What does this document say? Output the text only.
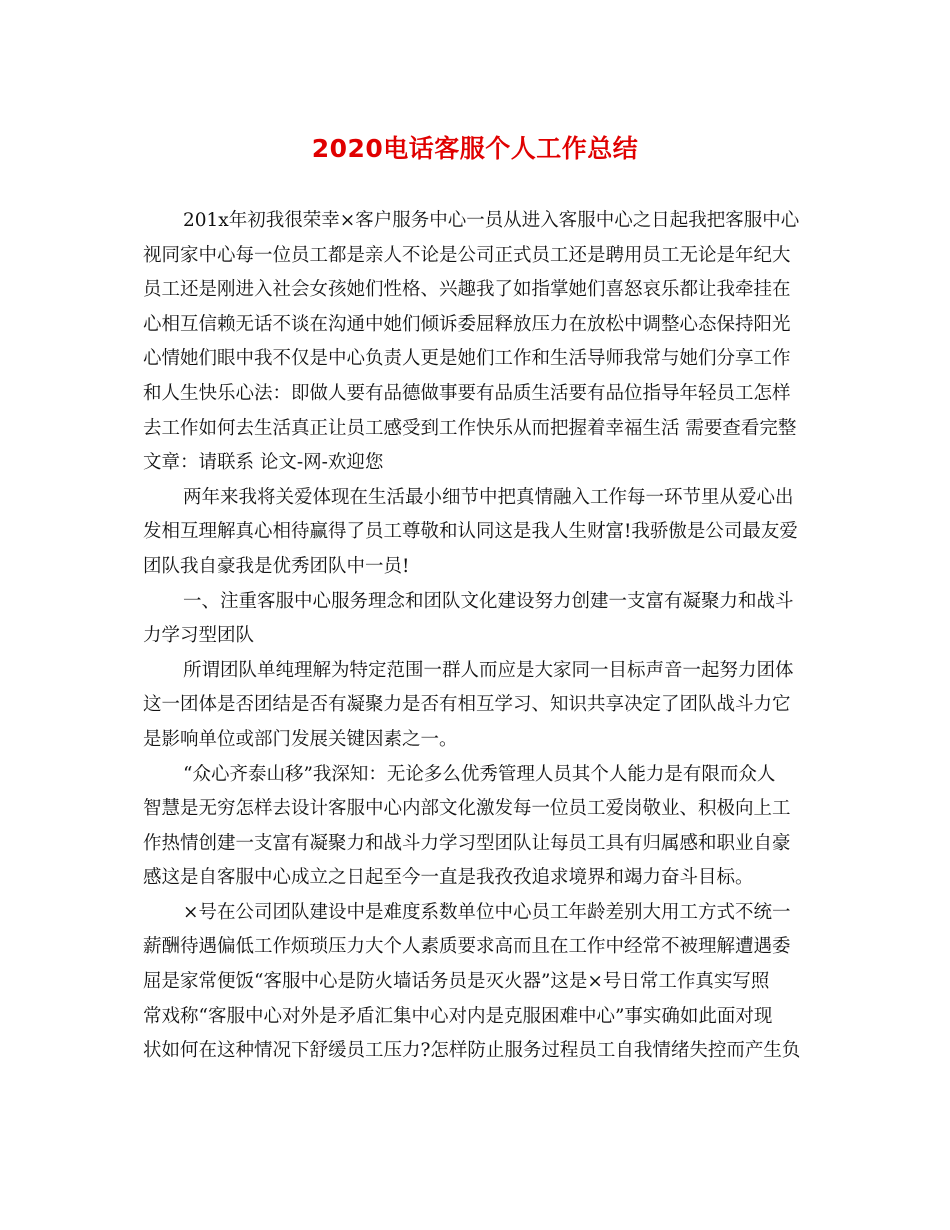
2020电话客服个人工作总结
201x年初我很荣幸×客户服务中心一员从进入客服中心之日起我把客服中心
视同家中心每一位员工都是亲人不论是公司正式员工还是聘用员工无论是年纪大
员工还是刚进入社会女孩她们性格、兴趣我了如指掌她们喜怒哀乐都让我牵挂在
心相互信赖无话不谈在沟通中她们倾诉委屈释放压力在放松中调整心态保持阳光
心情她们眼中我不仅是中心负责人更是她们工作和生活导师我常与她们分享工作
和人生快乐心法：即做人要有品德做事要有品质生活要有品位指导年轻员工怎样
去工作如何去生活真正让员工感受到工作快乐从而把握着幸福生活 需要查看完整
文章：请联系 论文-网-欢迎您
两年来我将关爱体现在生活最小细节中把真情融入工作每一环节里从爱心出
发相互理解真心相待赢得了员工尊敬和认同这是我人生财富!我骄傲是公司最友爱
团队我自豪我是优秀团队中一员!
一、注重客服中心服务理念和团队文化建设努力创建一支富有凝聚力和战斗
力学习型团队
所谓团队单纯理解为特定范围一群人而应是大家同一目标声音一起努力团体
这一团体是否团结是否有凝聚力是否有相互学习、知识共享决定了团队战斗力它
是影响单位或部门发展关键因素之一。
“众心齐泰山移”我深知：无论多么优秀管理人员其个人能力是有限而众人
智慧是无穷怎样去设计客服中心内部文化激发每一位员工爱岗敬业、积极向上工
作热情创建一支富有凝聚力和战斗力学习型团队让每员工具有归属感和职业自豪
感这是自客服中心成立之日起至今一直是我孜孜追求境界和竭力奋斗目标。
×号在公司团队建设中是难度系数单位中心员工年龄差别大用工方式不统一
薪酬待遇偏低工作烦琐压力大个人素质要求高而且在工作中经常不被理解遭遇委
屈是家常便饭“客服中心是防火墙话务员是灭火器”这是×号日常工作真实写照
常戏称“客服中心对外是矛盾汇集中心对内是克服困难中心”事实确如此面对现
状如何在这种情况下舒缓员工压力?怎样防止服务过程员工自我情绪失控而产生负
